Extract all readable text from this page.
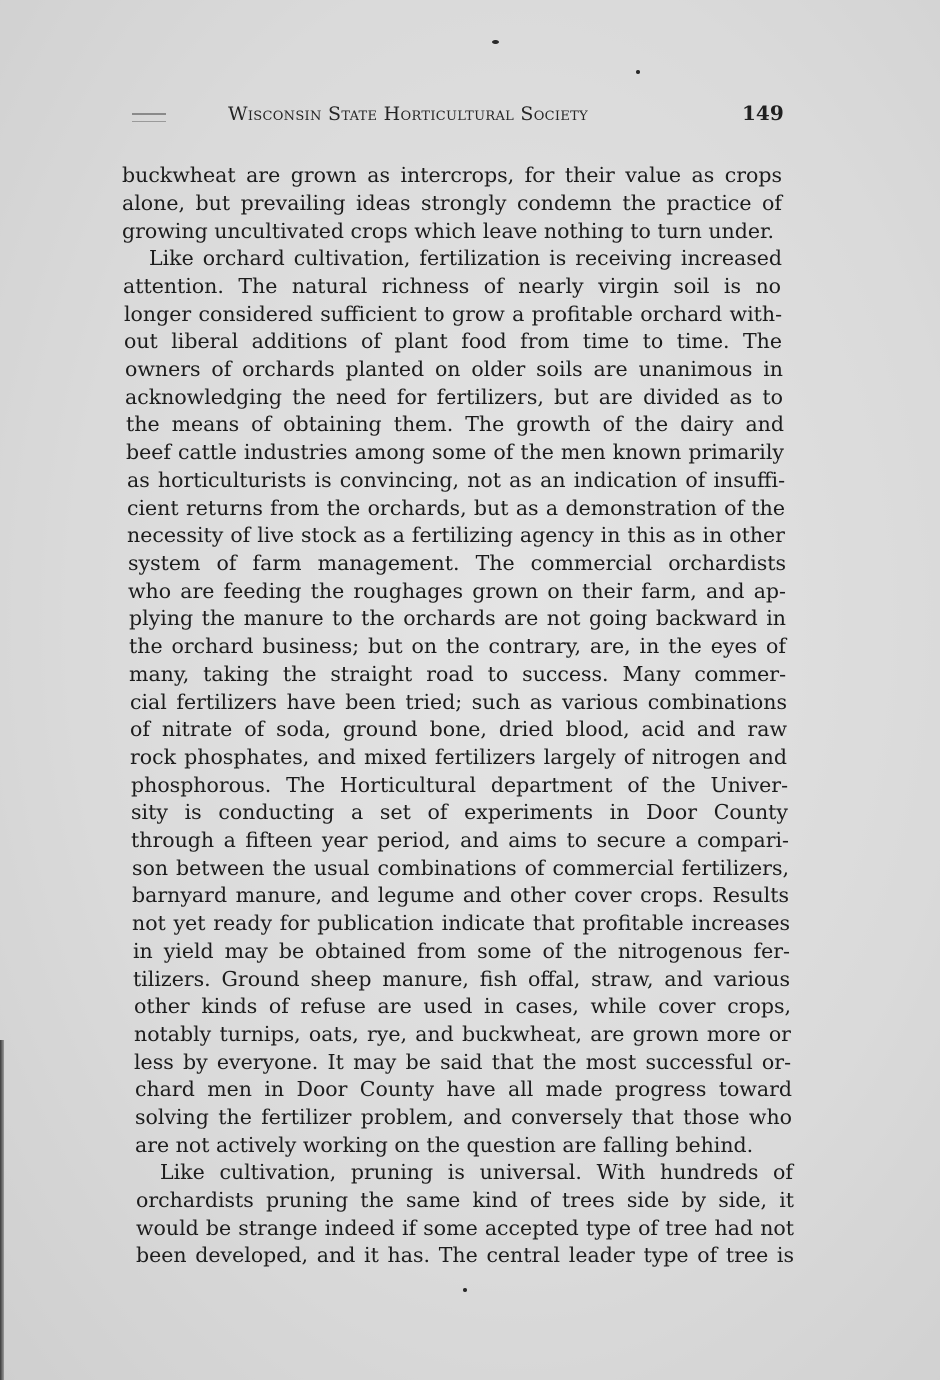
Wisconsin State Horticultural Society	149
buckwheat are grown as intercrops, for their value as crops
alone, but prevailing ideas strongly condemn the practice of
growing uncultivated crops which leave nothing to turn under.
Like orchard cultivation, fertilization is receiving increased
attention. The natural richness of nearly virgin soil is no
longer considered sufficient to grow a profitable orchard with-
out liberal additions of plant food from time to time. The
owners of orchards planted on older soils are unanimous in
acknowledging the need for fertilizers, but are divided as to
the means of obtaining them. The growth of the dairy and
beef cattle industries among some of the men known primarily
as horticulturists is convincing, not as an indication of insuffi-
cient returns from the orchards, but as a demonstration of the
necessity of live stock as a fertilizing agency in this as in other
system of farm management. The commercial orchardists
who are feeding the roughages grown on their farm, and ap-
plying the manure to the orchards are not going backward in
the orchard business; but on the contrary, are, in the eyes of
many, taking the straight road to success. Many commer-
cial fertilizers have been tried; such as various combinations
of nitrate of soda, ground bone, dried blood, acid and raw
rock phosphates, and mixed fertilizers largely of nitrogen and
phosphorous. The Horticultural department of the Univer-
sity is conducting a set of experiments in Door County
through a fifteen year period, and aims to secure a compari-
son between the usual combinations of commercial fertilizers,
barnyard manure, and legume and other cover crops. Results
not yet ready for publication indicate that profitable increases
in yield may be obtained from some of the nitrogenous fer-
tilizers. Ground sheep manure, fish offal, straw, and various
other kinds of refuse are used in cases, while cover crops,
notably turnips, oats, rye, and buckwheat, are grown more or
less by everyone. It may be said that the most successful or-
chard men in Door County have all made progress toward
solving the fertilizer problem, and conversely that those who
are not actively working on the question are falling behind.
Like cultivation, pruning is universal. With hundreds of
orchardists pruning the same kind of trees side by side, it
would be strange indeed if some accepted type of tree had not
been developed, and it has. The central leader type of tree is
